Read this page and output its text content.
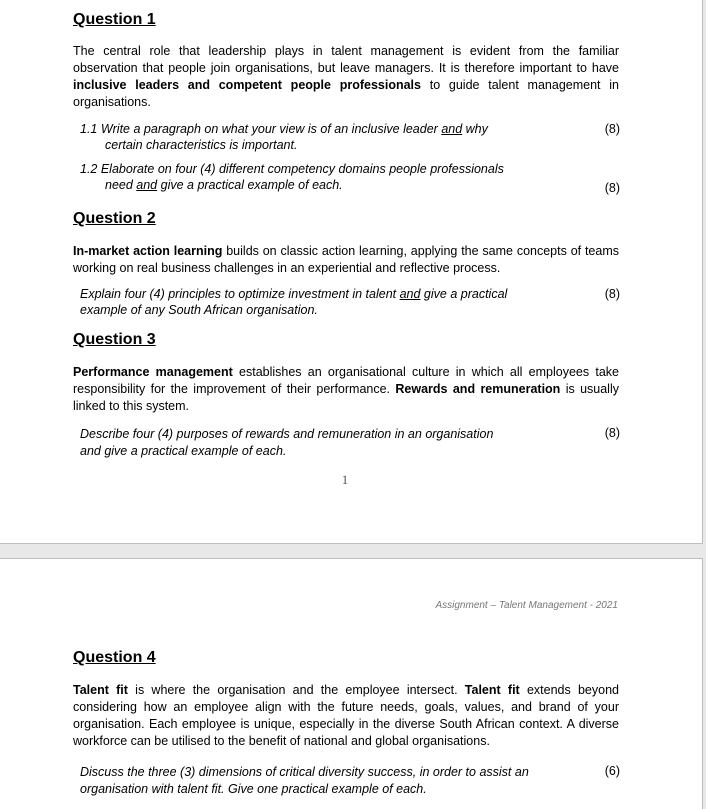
Question 1

The central role that leadership plays in talent management is evident from the familiar observation that people join organisations, but leave managers. It is therefore important to have inclusive leaders and competent people professionals to guide talent management in organisations.

1.1 Write a paragraph on what your view is of an inclusive leader and why
certain characteristics is important.

(8)

1.2 Elaborate on four (4) different competency domains people professionals
need and give a practical example of each.	(8)
Question 2

In-market action learning builds on classic action learning, applying the same concepts of teams working on real business challenges in an experiential and reflective process.

Explain four (4) principles to optimize investment in talent and give a practical
example of any South African organisation.

(8)
Question 3

Performance management establishes an organisational culture in which all employees take responsibility for the improvement of their performance. Rewards and remuneration is usually linked to this system.

Describe four (4) purposes of rewards and remuneration in an organisation
and give a practical example of each.

(8)
1
Assignment – Talent Management - 2021
Question 4

Talent fit is where the organisation and the employee intersect. Talent fit extends beyond considering how an employee align with the future needs, goals, values, and brand of your organisation. Each employee is unique, especially in the diverse South African context. A diverse workforce can be utilised to the benefit of national and global organisations.

Discuss the three (3) dimensions of critical diversity success, in order to assist an
organisation with talent fit. Give one practical example of each.

(6)
